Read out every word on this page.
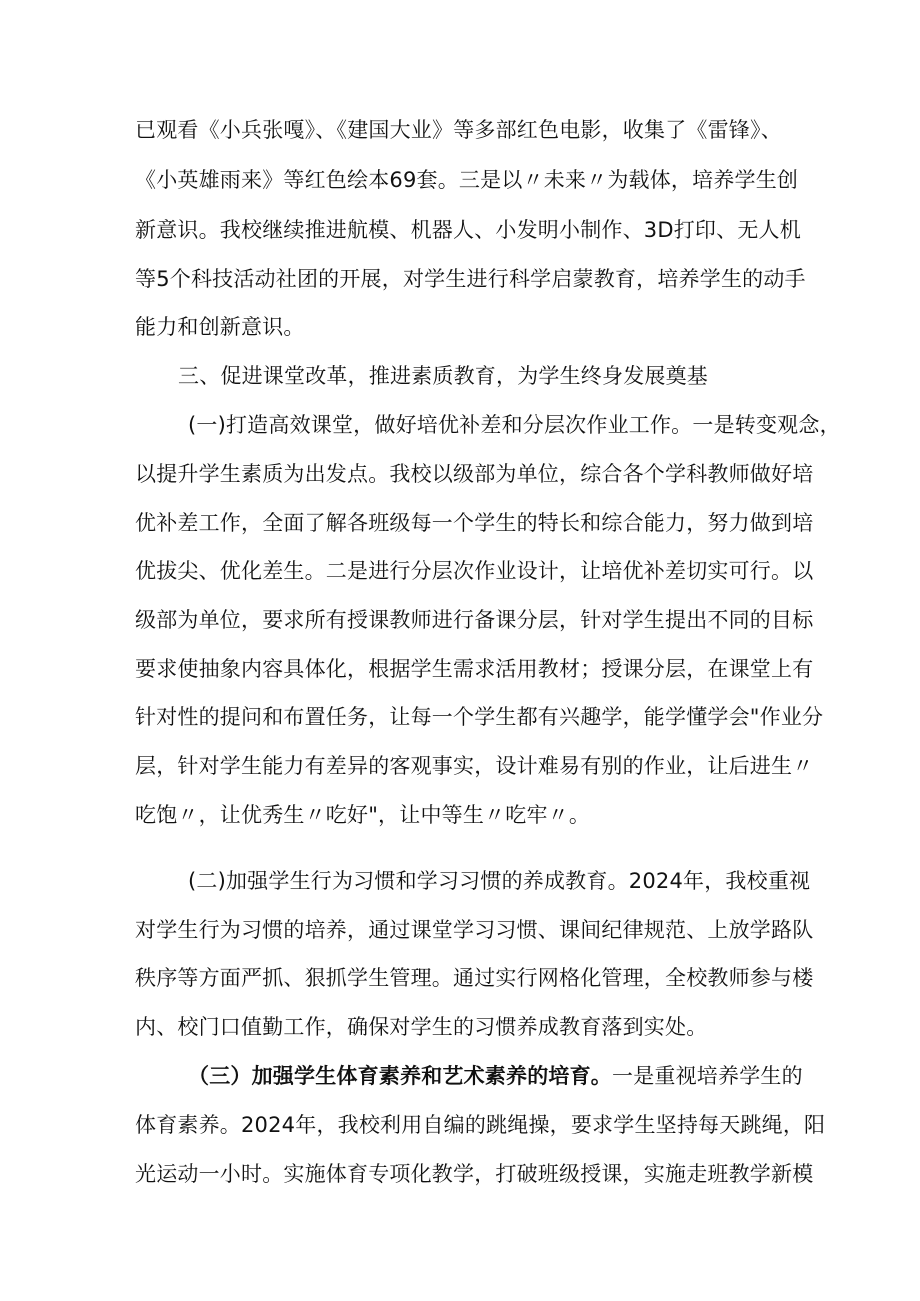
已观看《小兵张嘎》、《建国大业》等多部红色电影，收集了《雷锋》、
《小英雄雨来》等红色绘本69套。三是以〃未来〃为载体，培养学生创
新意识。我校继续推进航模、机器人、小发明小制作、3D打印、无人机
等5个科技活动社团的开展，对学生进行科学启蒙教育，培养学生的动手
能力和创新意识。
三、促进课堂改革，推进素质教育，为学生终身发展奠基
(一)打造高效课堂，做好培优补差和分层次作业工作。一是转变观念，
以提升学生素质为出发点。我校以级部为单位，综合各个学科教师做好培
优补差工作，全面了解各班级每一个学生的特长和综合能力，努力做到培
优拔尖、优化差生。二是进行分层次作业设计，让培优补差切实可行。以
级部为单位，要求所有授课教师进行备课分层，针对学生提出不同的目标
要求使抽象内容具体化，根据学生需求活用教材；授课分层，在课堂上有
针对性的提问和布置任务，让每一个学生都有兴趣学，能学懂学会"作业分
层，针对学生能力有差异的客观事实，设计难易有别的作业，让后进生〃
吃饱〃，让优秀生〃吃好"，让中等生〃吃牢〃。
(二)加强学生行为习惯和学习习惯的养成教育。2024年，我校重视
对学生行为习惯的培养，通过课堂学习习惯、课间纪律规范、上放学路队
秩序等方面严抓、狠抓学生管理。通过实行网格化管理，全校教师参与楼
内、校门口值勤工作，确保对学生的习惯养成教育落到实处。
（三）加强学生体育素养和艺术素养的培育。一是重视培养学生的
体育素养。2024年，我校利用自编的跳绳操，要求学生坚持每天跳绳，阳
光运动一小时。实施体育专项化教学，打破班级授课，实施走班教学新模
